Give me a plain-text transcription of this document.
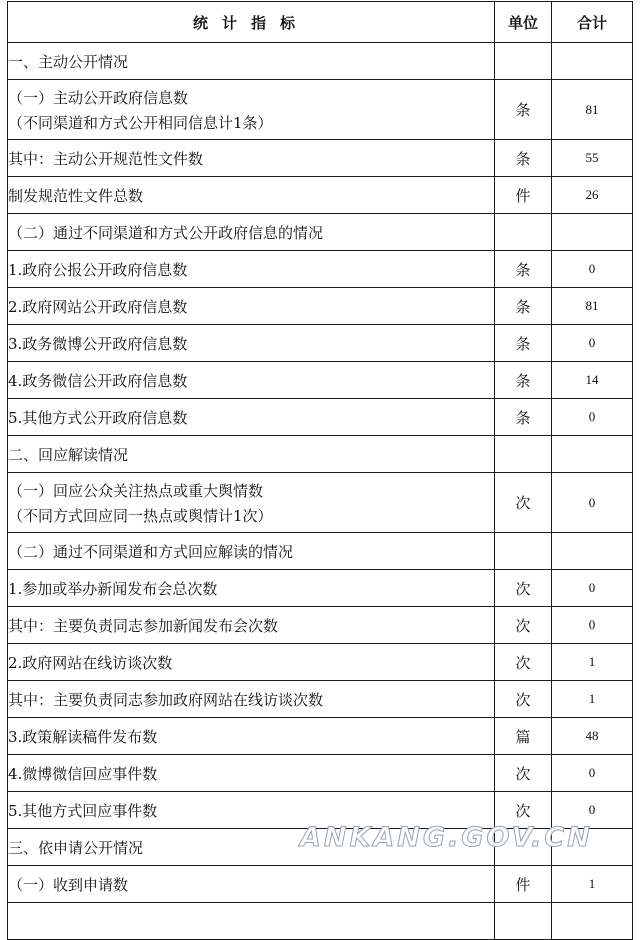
统计指标	单位	合计
一、主动公开情况		
（一）主动公开政府信息数
（不同渠道和方式公开相同信息计1条）	条	81
其中：主动公开规范性文件数	条	55
制发规范性文件总数	件	26
（二）通过不同渠道和方式公开政府信息的情况		
1.政府公报公开政府信息数	条	0
2.政府网站公开政府信息数	条	81
3.政务微博公开政府信息数	条	0
4.政务微信公开政府信息数	条	14
5.其他方式公开政府信息数	条	0
二、回应解读情况		
（一）回应公众关注热点或重大舆情数
（不同方式回应同一热点或舆情计1次）	次	0
（二）通过不同渠道和方式回应解读的情况		
1.参加或举办新闻发布会总次数	次	0
其中：主要负责同志参加新闻发布会次数	次	0
2.政府网站在线访谈次数	次	1
其中：主要负责同志参加政府网站在线访谈次数	次	1
3.政策解读稿件发布数	篇	48
4.微博微信回应事件数	次	0
5.其他方式回应事件数	次	0
三、依申请公开情况		
（一）收到申请数	件	1

ANKANG.GOV.CN
